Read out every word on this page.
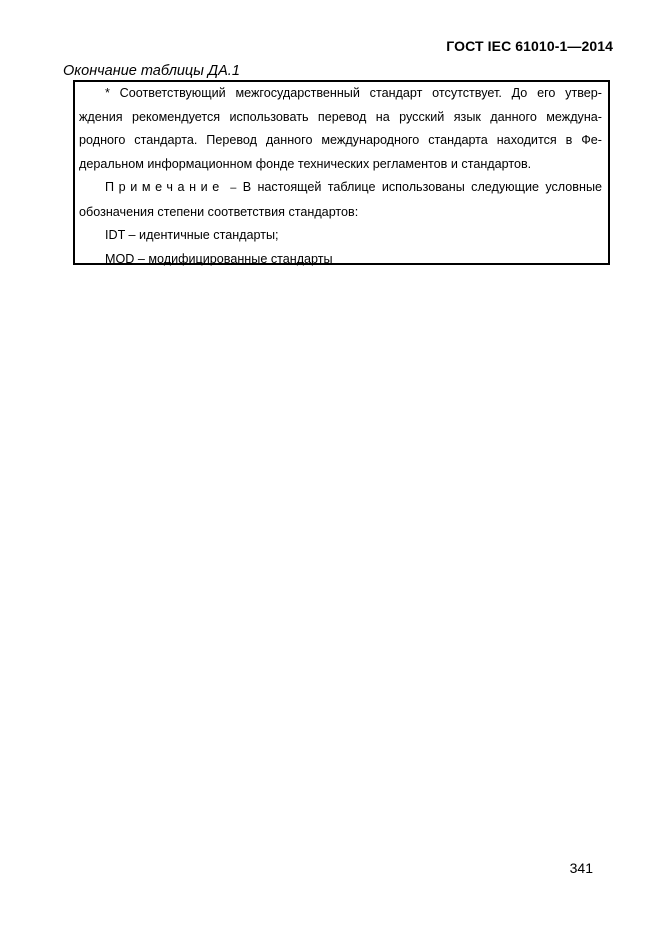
ГОСТ IEC 61010-1—2014
Окончание таблицы ДА.1

* Соответствующий межгосударственный стандарт отсутствует. До его утвер-
ждения рекомендуется использовать перевод на русский язык данного междуна-
родного стандарта. Перевод данного международного стандарта находится в Фе-
деральном информационном фонде технических регламентов и стандартов.

Примечание – В настоящей таблице использованы следующие условные

обозначения степени соответствия стандартов:

IDT – идентичные стандарты;

MOD – модифицированные стандарты

341
